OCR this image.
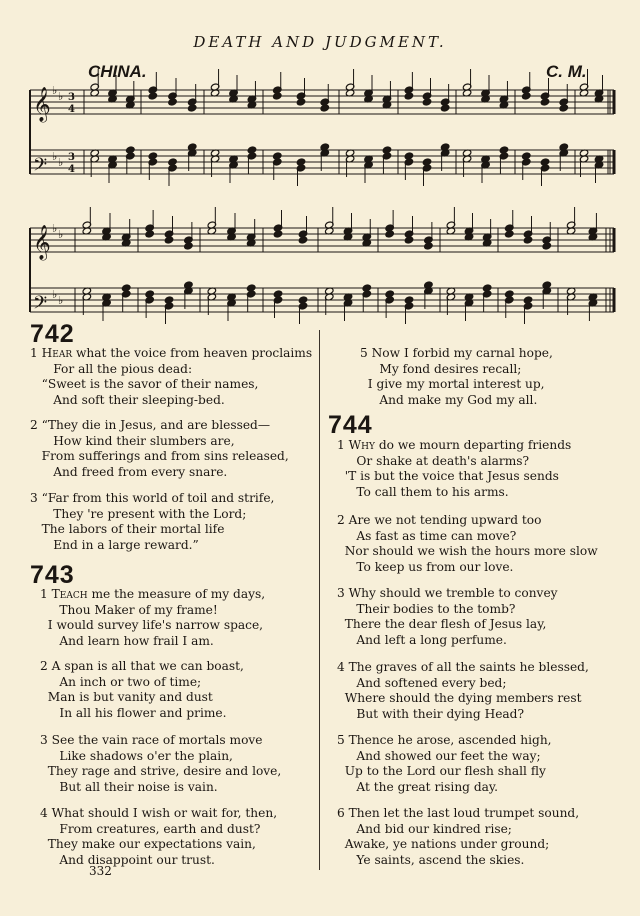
DEATH AND JUDGMENT.
CHINA.	C. M.
𝄞 ♭ ♭ 3
4
𝄢 ♭ ♭ 3
4
𝄞 ♭ ♭
𝄢 ♭ ♭
742
743
744
1 Hear what the voice from heaven proclaims
For all the pious dead:
“Sweet is the savor of their names,
And soft their sleeping-bed.
2 “They die in Jesus, and are blessed—
How kind their slumbers are,
From sufferings and from sins released,
And freed from every snare.
3 “Far from this world of toil and strife,
They 're present with the Lord;
The labors of their mortal life
End in a large reward.”
1 Teach me the measure of my days,
Thou Maker of my frame!
I would survey life's narrow space,
And learn how frail I am.
2 A span is all that we can boast,
An inch or two of time;
Man is but vanity and dust
In all his flower and prime.
3 See the vain race of mortals move
Like shadows o'er the plain,
They rage and strive, desire and love,
But all their noise is vain.
4 What should I wish or wait for, then,
From creatures, earth and dust?
They make our expectations vain,
And disappoint our trust.
5 Now I forbid my carnal hope,
My fond desires recall;
I give my mortal interest up,
And make my God my all.
1 Why do we mourn departing friends
Or shake at death's alarms?
'T is but the voice that Jesus sends
To call them to his arms.
2 Are we not tending upward too
As fast as time can move?
Nor should we wish the hours more slow
To keep us from our love.
3 Why should we tremble to convey
Their bodies to the tomb?
There the dear flesh of Jesus lay,
And left a long perfume.
4 The graves of all the saints he blessed,
And softened every bed;
Where should the dying members rest
But with their dying Head?
5 Thence he arose, ascended high,
And showed our feet the way;
Up to the Lord our flesh shall fly
At the great rising day.
6 Then let the last loud trumpet sound,
And bid our kindred rise;
Awake, ye nations under ground;
Ye saints, ascend the skies.
332
